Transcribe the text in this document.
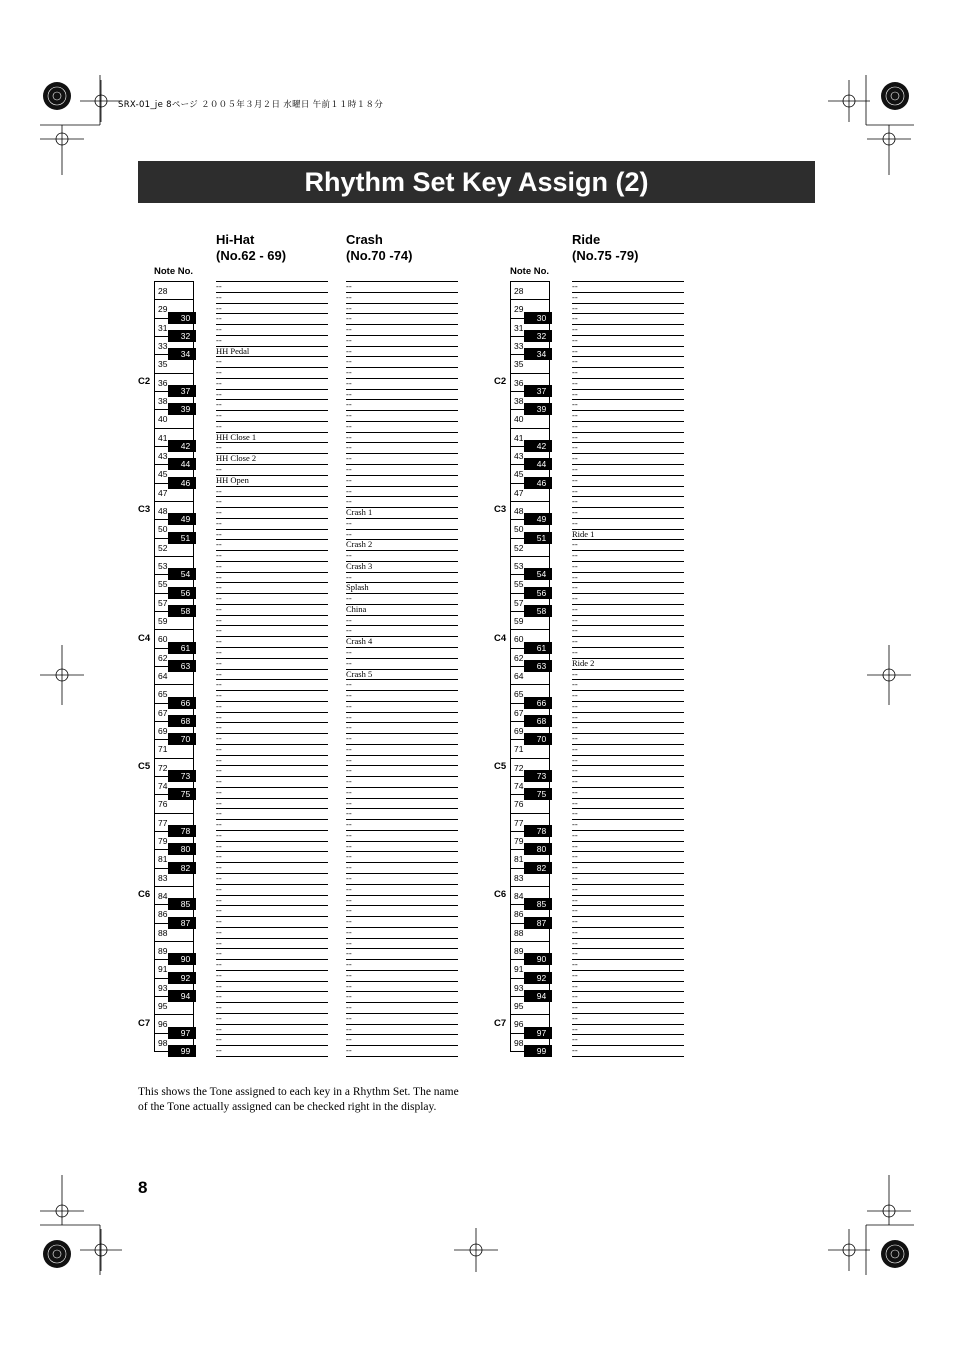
SRX-01_je 8ページ ２００５年３月２日 水曜日 午前１１時１８分
Rhythm Set Key Assign (2)
Hi-Hat
(No.62 - 69)
Crash
(No.70 -74)
Ride
(No.75 -79)
Note No.	Note No.
28
29
31
33
35
36
38
40
41
43
45
47
48
50
52
53
55
57
59
60
62
64
65
67
69
71
72
74
76
77
79
81
83
84
86
88
89
91
93
95
96
98
30
32
34
37
39
42
44
46
49
51
54
56
58
61
63
66
68
70
73
75
78
80
82
85
87
90
92
94
97
99
28
29
31
33
35
36
38
40
41
43
45
47
48
50
52
53
55
57
59
60
62
64
65
67
69
71
72
74
76
77
79
81
83
84
86
88
89
91
93
95
96
98
30
32
34
37
39
42
44
46
49
51
54
56
58
61
63
66
68
70
73
75
78
80
82
85
87
90
92
94
97
99
C2
C3
C4
C5
C6
C7
C2
C3
C4
C5
C6
C7
--
--
--
--
--
--
HH Pedal
--
--
--
--
--
--
--
HH Close 1
--
HH Close 2
--
HH Open
--
--
--
--
--
--
--
--
--
--
--
--
--
--
--
--
--
--
--
--
--
--
--
--
--
--
--
--
--
--
--
--
--
--
--
--
--
--
--
--
--
--
--
--
--
--
--
--
--
--
--
--
--
--
--
--
--
--
--
--
--
--
--
--
--
--
--
--
--
--
--
--
--
--
Crash 1
--
--
Crash 2
--
Crash 3
--
Splash
--
China
--
--
Crash 4
--
--
Crash 5
--
--
--
--
--
--
--
--
--
--
--
--
--
--
--
--
--
--
--
--
--
--
--
--
--
--
--
--
--
--
--
--
--
--
--
--
--
--
--
--
--
--
--
--
--
--
--
--
--
--
--
--
--
--
--
--
--
--
Ride 1
--
--
--
--
--
--
--
--
--
--
--
Ride 2
--
--
--
--
--
--
--
--
--
--
--
--
--
--
--
--
--
--
--
--
--
--
--
--
--
--
--
--
--
--
--
--
--
--
--
--
This shows the Tone assigned to each key in a Rhythm Set. The name of the Tone actually assigned can be checked right in the display.
8
